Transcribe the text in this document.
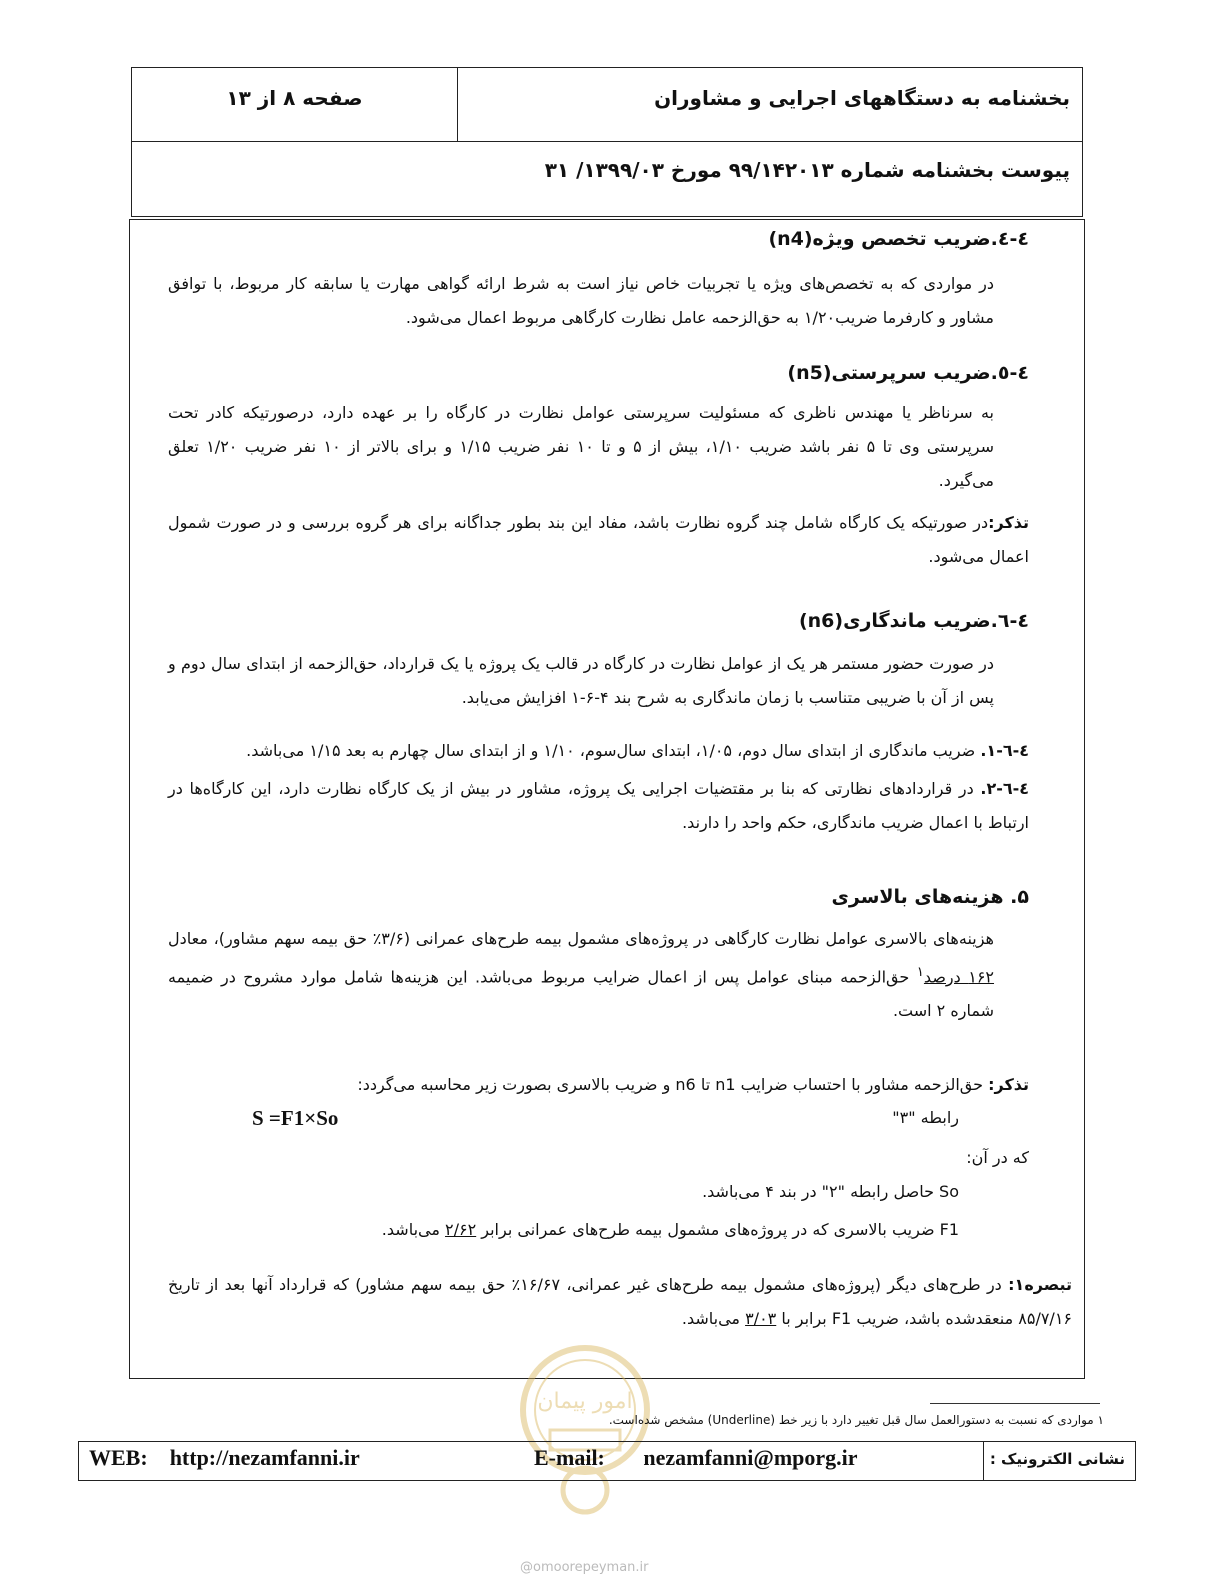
بخشنامه به دستگاههای اجرایی و مشاوران
صفحه ۸ از ۱۳
پیوست بخشنامه شماره ۹۹/۱۴۲۰۱۳ مورخ ۱۳۹۹/۰۳/ ۳۱
٤-٤.ضریب تخصص ویژه(n4)
در مواردی که به تخصص‌های ویژه یا تجربیات خاص نیاز است به شرط ارائه گواهی مهارت یا سابقه کار مربوط، با توافق مشاور و کارفرما ضریب۱/۲۰ به حق‌الزحمه عامل نظارت کارگاهی مربوط اعمال می‌شود.
٤-٥.ضریب سرپرستی(n5)
به سرناظر یا مهندس ناظری که مسئولیت سرپرستی عوامل نظارت در کارگاه را بر عهده دارد، درصورتیکه کادر تحت سرپرستی وی تا ۵ نفر باشد ضریب ۱/۱۰، بیش از ۵ و تا ۱۰ نفر ضریب ۱/۱۵ و برای بالاتر از ۱۰ نفر ضریب ۱/۲۰ تعلق می‌گیرد.
تذکر:در صورتیکه یک کارگاه شامل چند گروه نظارت باشد، مفاد این بند بطور جداگانه برای هر گروه بررسی و در صورت شمول اعمال می‌شود.
٤-٦.ضریب ماندگاری(n6)
در صورت حضور مستمر هر یک از عوامل نظارت در کارگاه در قالب یک پروژه یا یک قرارداد، حق‌الزحمه از ابتدای سال دوم و پس از آن با ضریبی متناسب با زمان ماندگاری به شرح بند ۴-۶-۱ افزایش می‌یابد.
٤-٦-١. ضریب ماندگاری از ابتدای سال دوم، ۱/۰۵، ابتدای سال‌سوم، ۱/۱۰ و از ابتدای سال چهارم به بعد ۱/۱۵ می‌باشد.
٤-٦-٢. در قراردادهای نظارتی که بنا بر مقتضیات اجرایی یک پروژه، مشاور در بیش از یک کارگاه نظارت دارد، این کارگاه‌ها در ارتباط با اعمال ضریب ماندگاری، حکم واحد را دارند.
۵. هزینه‌های بالاسری
هزینه‌های بالاسری عوامل نظارت کارگاهی در پروژه‌های مشمول بیمه طرح‌های عمرانی (۳/۶٪ حق بیمه سهم مشاور)، معادل ۱۶۲ درصد$^۱$ حق‌الزحمه مبنای عوامل پس از اعمال ضرایب مربوط می‌باشد. این هزینه‌ها شامل موارد مشروح در ضمیمه شماره ۲ است.
تذکر: حق‌الزحمه مشاور با احتساب ضرایب n1 تا n6 و ضریب بالاسری بصورت زیر محاسبه می‌گردد:
رابطه "۳"
S =F1×So
که در آن:
So حاصل رابطه "۲" در بند ۴ می‌باشد.
F1 ضریب بالاسری که در پروژه‌های مشمول بیمه طرح‌های عمرانی برابر ۲/۶۲ می‌باشد.
تبصره۱: در طرح‌های دیگر (پروژه‌های مشمول بیمه طرح‌های غیر عمرانی، ۱۶/۶۷٪ حق بیمه سهم مشاور) که قرارداد آنها بعد از تاریخ ۸۵/۷/۱۶ منعقدشده باشد، ضریب F1 برابر با ۳/۰۳ می‌باشد.
امور پیمان
۱ مواردی که نسبت به دستورالعمل سال قبل تغییر دارد با زیر خط (Underline) مشخص شده‌است.
WEB: http://nezamfanni.ir	E-mail: nezamfanni@mporg.ir	نشانی الکترونیک :
@omoorepeyman.ir
